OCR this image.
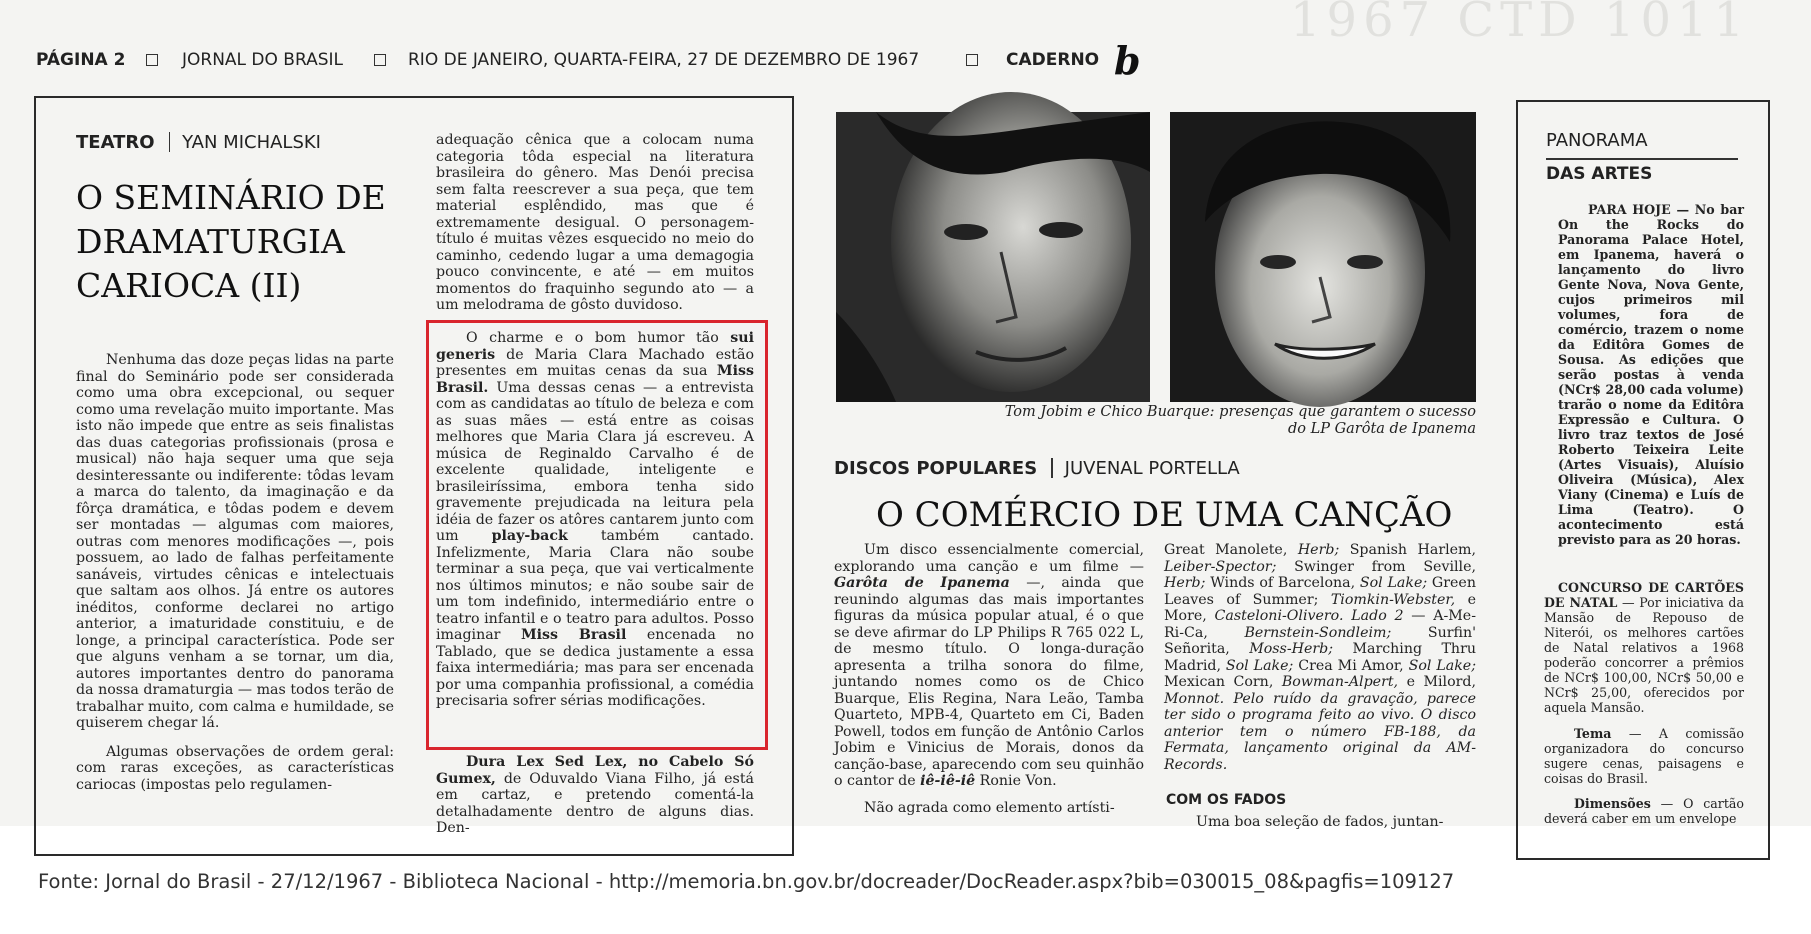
1967 CTD 1011
PÁGINA 2	JORNAL DO BRASIL	RIO DE JANEIRO, QUARTA-FEIRA, 27 DE DEZEMBRO DE 1967	CADERNO b
TEATRO YAN MICHALSKI
O SEMINÁRIO DE
DRAMATURGIA
CARIOCA (II)

Nenhuma das doze peças lidas na parte final do Seminário pode ser considerada como uma obra excepcional, ou sequer como uma revelação muito importante. Mas isto não impede que entre as seis finalistas das duas categorias profissionais (prosa e musical) não haja sequer uma que seja desinteressante ou indiferente: tôdas levam a marca do talento, da imaginação e da fôrça dramática, e tôdas podem e devem ser montadas — algumas com maiores, outras com menores modificações —, pois possuem, ao lado de falhas perfeitamente sanáveis, virtudes cênicas e intelectuais que saltam aos olhos. Já entre os autores inéditos, conforme declarei no artigo anterior, a imaturidade constituiu, e de longe, a principal característica. Pode ser que alguns venham a se tornar, um dia, autores importantes dentro do panorama da nossa dramaturgia — mas todos terão de trabalhar muito, com calma e humildade, se quiserem chegar lá.

Algumas observações de ordem geral: com raras exceções, as características cariocas (impostas pelo regulamen-

adequação cênica que a colocam numa categoria tôda especial na literatura brasileira do gênero. Mas Denói precisa sem falta reescrever a sua peça, que tem material esplêndido, mas que é extremamente desigual. O personagem-título é muitas vêzes esquecido no meio do caminho, cedendo lugar a uma demagogia pouco convincente, e até — em muitos momentos do fraquinho segundo ato — a um melodrama de gôsto duvidoso.
O charme e o bom humor tão sui generis de Maria Clara Machado estão presentes em muitas cenas da sua Miss Brasil. Uma dessas cenas — a entrevista com as candidatas ao título de beleza e com as suas mães — está entre as coisas melhores que Maria Clara já escreveu. A música de Reginaldo Carvalho é de excelente qualidade, inteligente e brasileiríssima, embora tenha sido gravemente prejudicada na leitura pela idéia de fazer os atôres cantarem junto com um play-back também cantado. Infelizmente, Maria Clara não soube terminar a sua peça, que vai verticalmente nos últimos minutos; e não soube sair de um tom indefinido, intermediário entre o teatro infantil e o teatro para adultos. Posso imaginar Miss Brasil encenada no Tablado, que se dedica justamente a essa faixa intermediária; mas para ser encenada por uma companhia profissional, a comédia precisaria sofrer sérias modificações.
Dura Lex Sed Lex, no Cabelo Só Gumex, de Oduvaldo Viana Filho, já está em cartaz, e pretendo comentá-la detalhadamente dentro de alguns dias. Den-
Tom Jobim e Chico Buarque: presenças que garantem o sucesso do LP Garôta de Ipanema
DISCOS POPULARES JUVENAL PORTELLA
O COMÉRCIO DE UMA CANÇÃO
Um disco essencialmente comercial, explorando uma canção e um filme — Garôta de Ipanema —, ainda que reunindo algumas das mais importantes figuras da música popular atual, é o que se deve afirmar do LP Philips R 765 022 L, de mesmo título. O longa-duração apresenta a trilha sonora do filme, juntando nomes como os de Chico Buarque, Elis Regina, Nara Leão, Tamba Quarteto, MPB-4, Quarteto em Ci, Baden Powell, todos em função de Antônio Carlos Jobim e Vinicius de Morais, donos da canção-base, aparecendo com seu quinhão o cantor de iê-iê-iê Ronie Von.

Não agrada como elemento artísti-

Great Manolete, Herb; Spanish Harlem, Leiber-Spector; Swinger from Seville, Herb; Winds of Barcelona, Sol Lake; Green Leaves of Summer; Tiomkin-Webster, e More, Casteloni-Olivero. Lado 2 — A-Me-Ri-Ca,	Bernstein-Sondleim;	Surfin' Señorita, Moss-Herb; Marching Thru Madrid, Sol Lake; Crea Mi Amor, Sol Lake; Mexican Corn, Bowman-Alpert, e Milord, Monnot. Pelo ruído da gravação, parece ter sido o programa feito ao vivo. O disco anterior tem o número FB-188, da Fermata, lançamento original da AM-Records.
COM OS FADOS
Uma boa seleção de fados, juntan-
PANORAMA
DAS ARTES
PARA HOJE — No bar On the Rocks do Panorama Palace Hotel, em Ipanema, haverá o lançamento do livro Gente Nova, Nova Gente, cujos primeiros mil volumes, fora de comércio, trazem o nome da Editôra Gomes de Sousa. As edições que serão postas à venda (NCr$ 28,00 cada volume) trarão o nome da Editôra Expressão e Cultura. O livro traz textos de José Roberto Teixeira Leite (Artes Visuais), Aluísio Oliveira (Música), Alex Viany (Cinema) e Luís de Lima (Teatro). O acontecimento está previsto para as 20 horas.
CONCURSO DE CARTÕES DE NATAL — Por iniciativa da Mansão de Repouso de Niterói, os melhores cartões de Natal relativos a 1968 poderão concorrer a prêmios de NCr$ 100,00, NCr$ 50,00 e NCr$ 25,00, oferecidos por aquela Mansão.
Tema — A comissão organizadora do concurso sugere cenas, paisagens e coisas do Brasil.
Dimensões — O cartão deverá caber em um envelope
Fonte: Jornal do Brasil - 27/12/1967 - Biblioteca Nacional - http://memoria.bn.gov.br/docreader/DocReader.aspx?bib=030015_08&pagfis=109127
